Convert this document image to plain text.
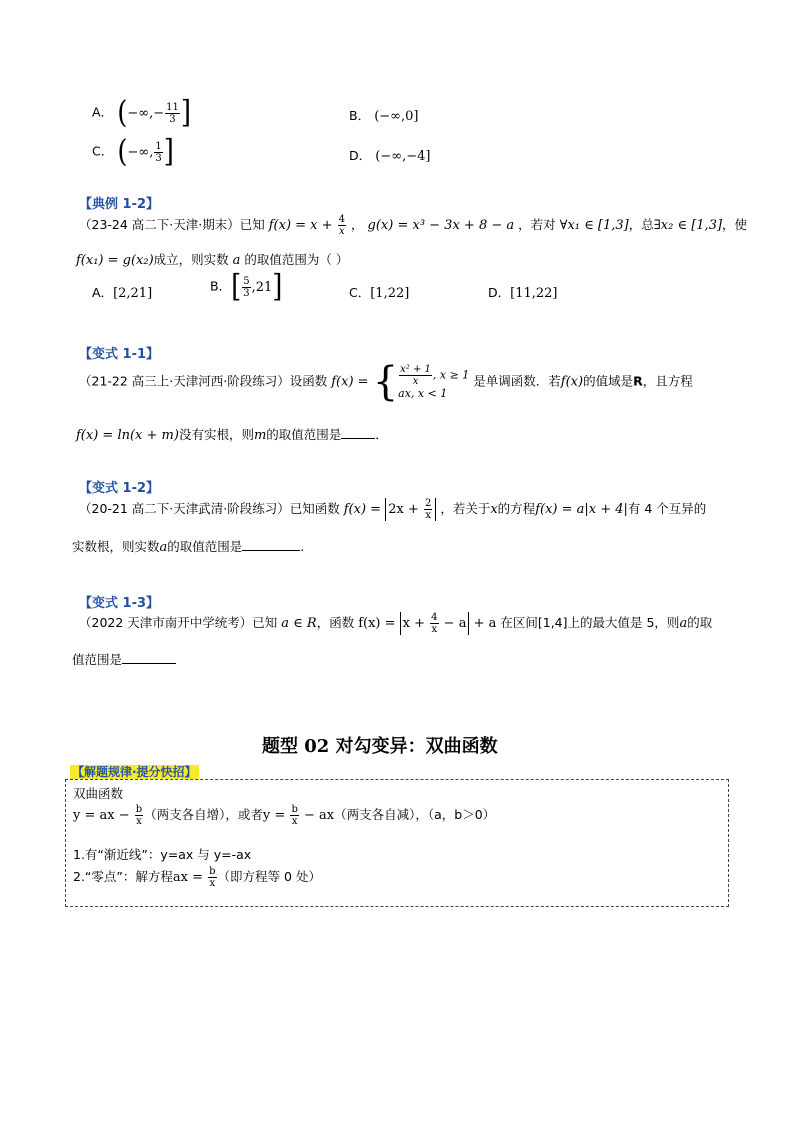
A． (−∞,− $\frac{11}{3}$ ]	B． (−∞,0]
C． (−∞, $\frac{1}{3}$ ]	D． (−∞,−4]
【典例 1-2】
（23-24 高二下·天津·期末）已知 $f(x) = x + \frac{4}{x}$ ， g(x) = x³ − 3x + 8 − a ，若对 ∀x₁ ∈ [1,3]，总∃x₂ ∈ [1,3]，使
f(x₁) = g(x₂)成立，则实数 a 的取值范围为（ ）
A．[2,21]	B．[ $\frac{5}{3} ,21$]	C．[1,22]	D．[11,22]
【变式 1-1】
（21-22 高三上·天津河西·阶段练习）设函数 f(x) = { $\frac{\text{x² + 1}}{x}$ , x ≥ 1
ax, x < 1 是单调函数．若f(x)的值域是R，且方程
f(x) = ln(x + m)没有实根，则m的取值范围是	．
【变式 1-2】
（20-21 高二下·天津武清·阶段练习）已知函数 $f(x) = 2x + \frac{2}{x}$ ，若关于x的方程f(x) = a|x + 4|有 4 个互异的
实数根，则实数a的取值范围是	.
【变式 1-3】
（2022 天津市南开中学统考）已知 a ∈ R，函数 $f(x) = x + \frac{4}{x} - a + a$ 在区间[1,4]上的最大值是 5，则a的取
值范围是
题型 02 对勾变异：双曲函数
【解题规律·提分快招】
双曲函数
y = ax − $\frac{b}{x}$ （两支各自增），或者$y = \frac{b}{x} - ax$（两支各自减），（a，b＞0）
1.有“渐近线”：y=ax 与 y=-ax
2.“零点”：解方程ax = $\frac{b}{x}$ （即方程等 0 处）
